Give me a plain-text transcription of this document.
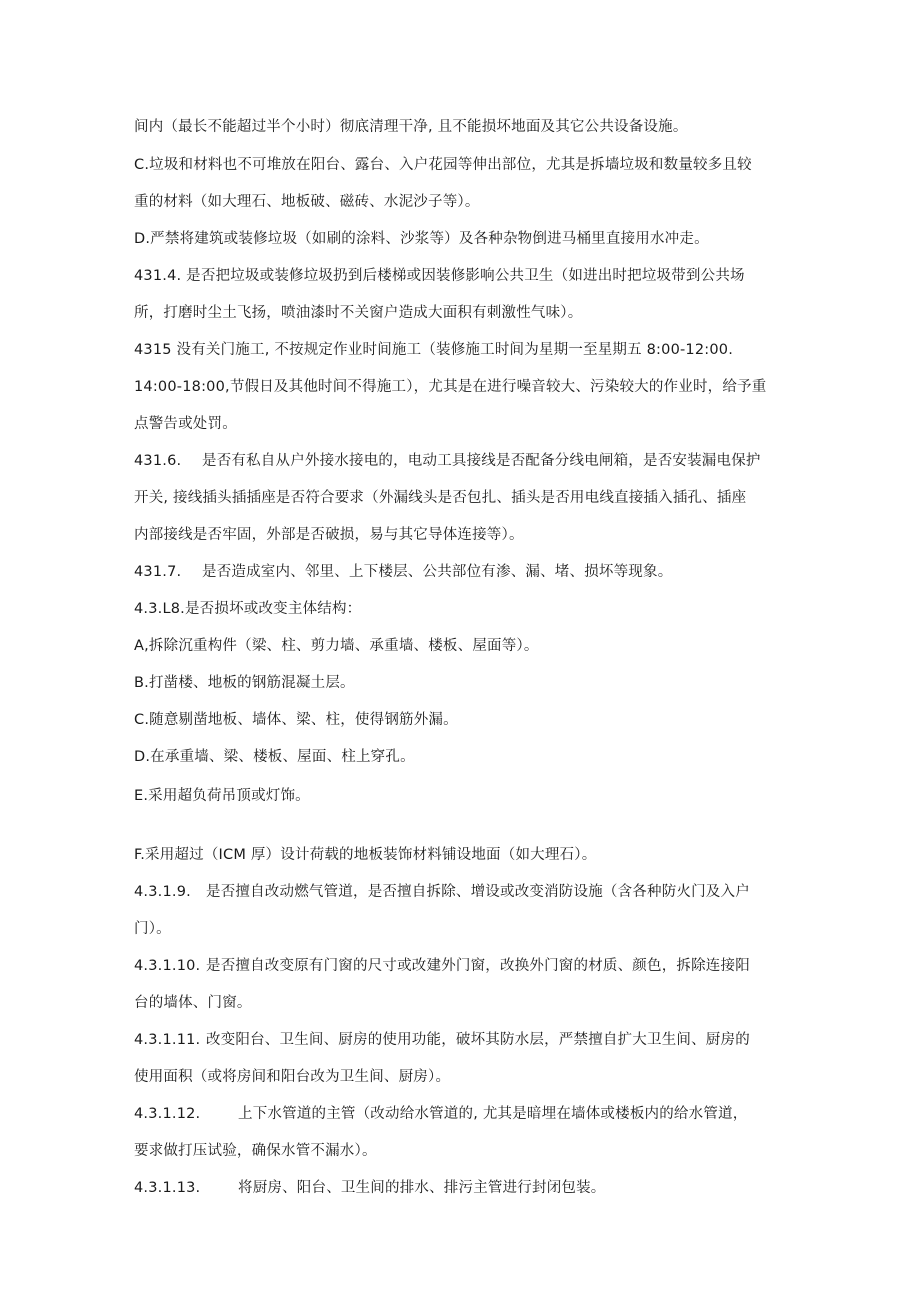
间内（最长不能超过半个小时）彻底清理干净, 且不能损坏地面及其它公共设备设施。
C.垃圾和材料也不可堆放在阳台、露台、入户花园等伸出部位，尤其是拆墙垃圾和数量较多且较
重的材料（如大理石、地板破、磁砖、水泥沙子等）。
D.严禁将建筑或装修垃圾（如刷的涂料、沙浆等）及各种杂物倒进马桶里直接用水冲走。
431.4. 是否把垃圾或装修垃圾扔到后楼梯或因装修影响公共卫生（如进出时把垃圾带到公共场
所，打磨时尘土飞扬，喷油漆时不关窗户造成大面积有刺激性气味）。
4315 没有关门施工, 不按规定作业时间施工（装修施工时间为星期一至星期五 8:00-12:00.
14:00-18:00,节假日及其他时间不得施工），尤其是在进行噪音较大、污染较大的作业时，给予重
点警告或处罚。
431.6. 是否有私自从户外接水接电的，电动工具接线是否配备分线电闸箱，是否安装漏电保护
开关, 接线插头插插座是否符合要求（外漏线头是否包扎、插头是否用电线直接插入插孔、插座
内部接线是否牢固，外部是否破损，易与其它导体连接等）。
431.7. 是否造成室内、邻里、上下楼层、公共部位有渗、漏、堵、损坏等现象。
4.3.L8.是否损坏或改变主体结构：
A,拆除沉重构件（梁、柱、剪力墙、承重墙、楼板、屋面等）。
B.打凿楼、地板的钢筋混凝土层。
C.随意剔凿地板、墙体、梁、柱，使得钢筋外漏。
D.在承重墙、梁、楼板、屋面、柱上穿孔。
E.采用超负荷吊顶或灯饰。
F.采用超过（ICM 厚）设计荷载的地板装饰材料铺设地面（如大理石）。
4.3.1.9. 是否擅自改动燃气管道，是否擅自拆除、增设或改变消防设施（含各种防火门及入户
门）。
4.3.1.10. 是否擅自改变原有门窗的尺寸或改建外门窗，改换外门窗的材质、颜色，拆除连接阳
台的墙体、门窗。
4.3.1.11. 改变阳台、卫生间、厨房的使用功能，破坏其防水层，严禁擅自扩大卫生间、厨房的
使用面积（或将房间和阳台改为卫生间、厨房）。
4.3.1.12.	上下水管道的主管（改动给水管道的, 尤其是暗埋在墙体或楼板内的给水管道，
要求做打压试验，确保水管不漏水）。
4.3.1.13.	将厨房、阳台、卫生间的排水、排污主管进行封闭包装。
